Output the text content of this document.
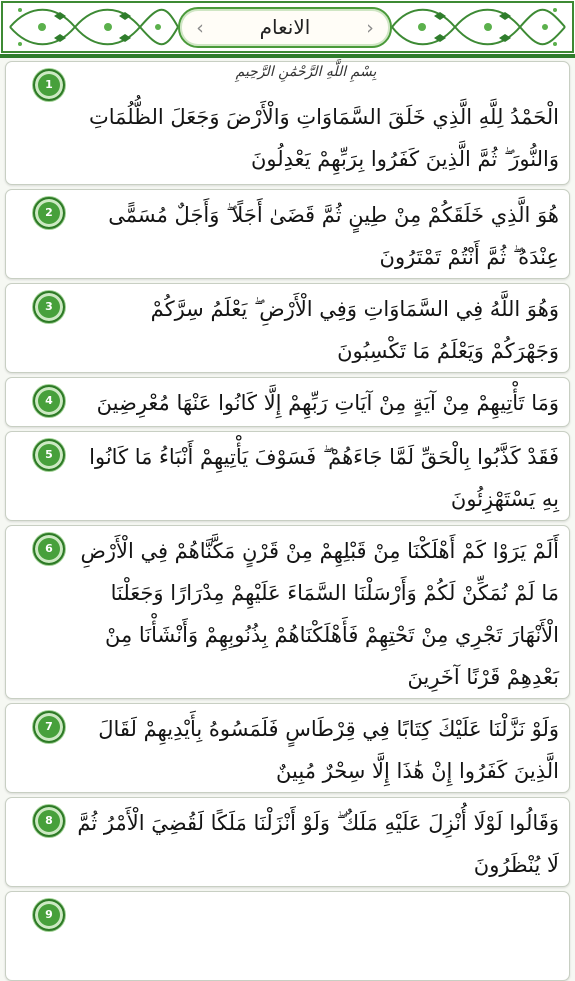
‹	الانعام	›
1
بِسْمِ اللَّهِ الرَّحْمَٰنِ الرَّحِيمِ
الْحَمْدُ لِلَّهِ الَّذِي خَلَقَ السَّمَاوَاتِ وَالْأَرْضَ وَجَعَلَ الظُّلُمَاتِ وَالنُّورَ ۖ ثُمَّ الَّذِينَ كَفَرُوا بِرَبِّهِمْ يَعْدِلُونَ
2	هُوَ الَّذِي خَلَقَكُمْ مِنْ طِينٍ ثُمَّ قَضَىٰ أَجَلًا ۖ وَأَجَلٌ مُسَمًّى عِنْدَهُ ۖ ثُمَّ أَنْتُمْ تَمْتَرُونَ
3	وَهُوَ اللَّهُ فِي السَّمَاوَاتِ وَفِي الْأَرْضِ ۖ يَعْلَمُ سِرَّكُمْ وَجَهْرَكُمْ وَيَعْلَمُ مَا تَكْسِبُونَ
4	وَمَا تَأْتِيهِمْ مِنْ آيَةٍ مِنْ آيَاتِ رَبِّهِمْ إِلَّا كَانُوا عَنْهَا مُعْرِضِينَ
5	فَقَدْ كَذَّبُوا بِالْحَقِّ لَمَّا جَاءَهُمْ ۖ فَسَوْفَ يَأْتِيهِمْ أَنْبَاءُ مَا كَانُوا بِهِ يَسْتَهْزِئُونَ
6	أَلَمْ يَرَوْا كَمْ أَهْلَكْنَا مِنْ قَبْلِهِمْ مِنْ قَرْنٍ مَكَّنَّاهُمْ فِي الْأَرْضِ مَا لَمْ نُمَكِّنْ لَكُمْ وَأَرْسَلْنَا السَّمَاءَ عَلَيْهِمْ مِدْرَارًا وَجَعَلْنَا الْأَنْهَارَ تَجْرِي مِنْ تَحْتِهِمْ فَأَهْلَكْنَاهُمْ بِذُنُوبِهِمْ وَأَنْشَأْنَا مِنْ بَعْدِهِمْ قَرْنًا آخَرِينَ
7	وَلَوْ نَزَّلْنَا عَلَيْكَ كِتَابًا فِي قِرْطَاسٍ فَلَمَسُوهُ بِأَيْدِيهِمْ لَقَالَ الَّذِينَ كَفَرُوا إِنْ هَٰذَا إِلَّا سِحْرٌ مُبِينٌ
8	وَقَالُوا لَوْلَا أُنْزِلَ عَلَيْهِ مَلَكٌ ۖ وَلَوْ أَنْزَلْنَا مَلَكًا لَقُضِيَ الْأَمْرُ ثُمَّ لَا يُنْظَرُونَ
9
